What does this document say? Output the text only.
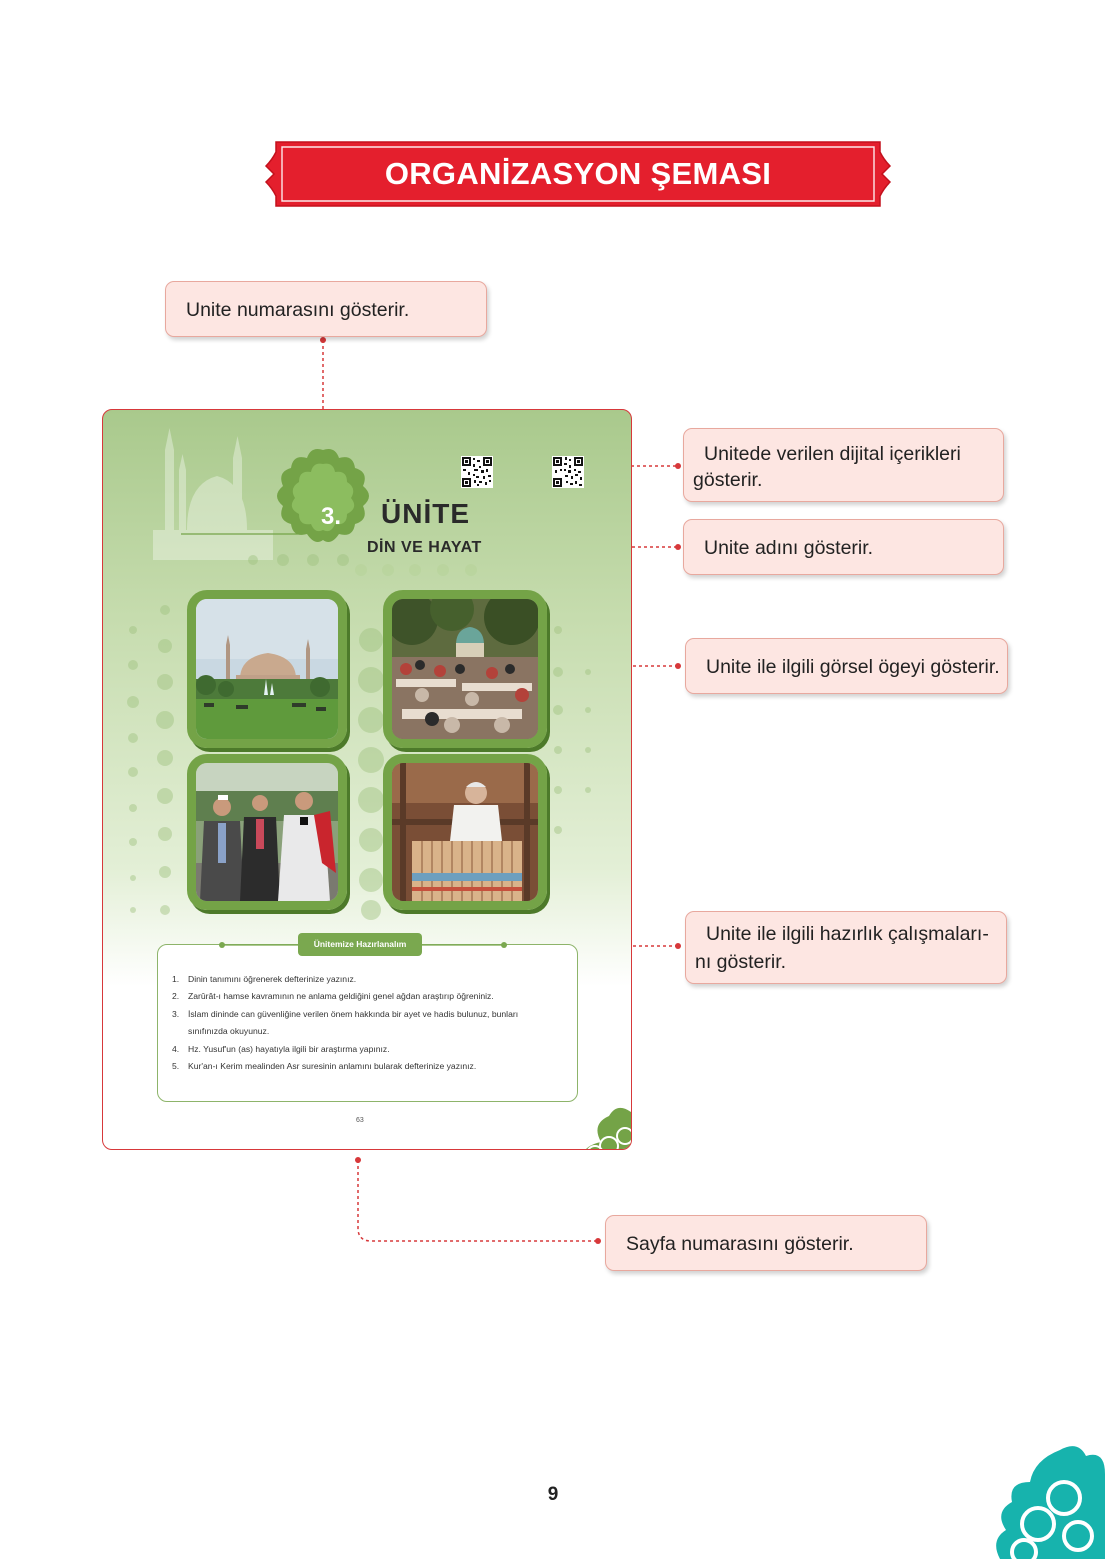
ORGANİZASYON ŞEMASI
Unite numarasını gösterir.
Unitede verilen dijital içerikleri
gösterir.
Unite adını gösterir.
Unite ile ilgili görsel ögeyi gösterir.
Unite ile ilgili hazırlık çalışmaları-
nı gösterir.
Sayfa numarasını gösterir.
3.	ÜNİTE
DİN VE HAYAT
Ünitemize Hazırlanalım
1.	Dinin tanımını öğrenerek defterinize yazınız.
2.	Zarûrât-ı hamse kavramının ne anlama geldiğini genel ağdan araştırıp öğreniniz.
3.	İslam dininde can güvenliğine verilen önem hakkında bir ayet ve hadis bulunuz, bunları
sınıfınızda okuyunuz.
4.	Hz. Yusuf'un (as) hayatıyla ilgili bir araştırma yapınız.
5.	Kur'an-ı Kerim mealinden Asr suresinin anlamını bularak defterinize yazınız.
63
9
